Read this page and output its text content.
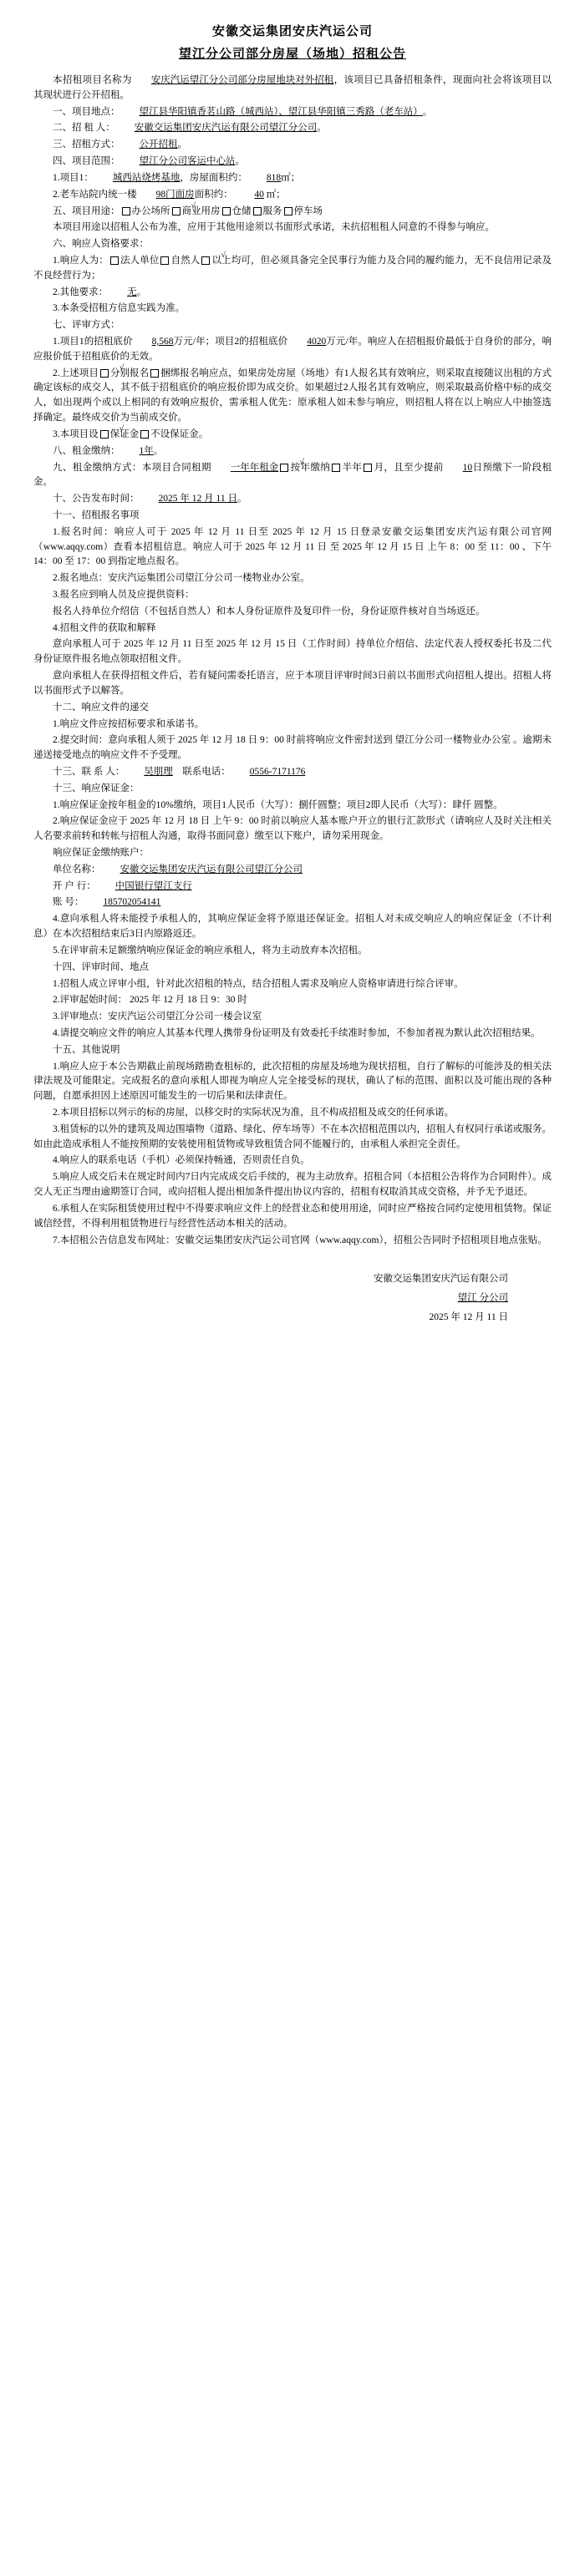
安徽交运集团安庆汽运公司
望江分公司部分房屋（场地）招租公告

本招租项目名称为 安庆汽运望江分公司部分房屋地块对外招租，该项目已具备招租条件，现面向社会将该项目以其现状进行公开招租。

一、项目地点： 望江县华阳镇香茗山路（城西站）、望江县华阳镇三秀路（老车站）。

二、招 租 人： 安徽交运集团安庆汽运有限公司望江分公司。

三、招租方式： 公开招租。

四、项目范围： 望江分公司客运中心站。

1.项目1： 城西站烧烤基地，房屋面积约： 818㎡；

2.老车站院内统一楼 98门面房面积约： 40 ㎡；

五、项目用途： 办公场所 √ 商业用房 仓储 服务 停车场

本项目用途以招租人公布为准，应用于其他用途须以书面形式承诺，未抗招租租人同意的不得参与响应。

六、响应人资格要求：

1.响应人为： 法人单位 自然人 √ 以上均可，但必须具备完全民事行为能力及合同的履约能力，无不良信用记录及不良经营行为；

2.其他要求： 无。

3.本条受招租方信息实践为准。

七、评审方式：

1.项目1的招租底价 8,568万元/年；项目2的招租底价 4020万元/年。响应人在招租报价最低于自身价的部分，响应报价低于招租底价的无效。

2.上述项目 √ 分别报名 捆绑报名响应点，如果房处房屋（场地）有1人报名其有效响应，则采取直接随议出租的方式确定该标的成交人，其不低于招租底价的响应报价即为成交价。如果超过2人报名其有效响应，则采取最高价格中标的成交人，如出现两个或以上相同的有效响应报价，需承租人优先：原承租人如未参与响应，则招租人将在以上响应人中抽签选择确定。最终成交价为当前成交价。

3.本项目设 √ 保证金 不设保证金。

八、租金缴纳： 1年。

九、租金缴纳方式：本项目合同租期 一年年租金 √ 按年缴纳 半年 月，且至少提前 10日预缴下一阶段租金。

十、公告发布时间： 2025 年 12 月 11 日。

十一、招租报名事项

1.报名时间：响应人可于 2025 年 12 月 11 日至 2025 年 12 月 15 日登录安徽交运集团安庆汽运有限公司官网（www.aqqy.com）查看本招租信息。响应人可于 2025 年 12 月 11 日 至 2025 年 12 月 15 日 上午 8：00 至 11：00 、下午 14：00 至 17：00 到指定地点报名。

2.报名地点：安庆汽运集团公司望江分公司一楼物业办公室。

3.报名应到响人员及应提供资料：

报名人持单位介绍信（不包括自然人）和本人身份证原件及复印件一份，身份证原件核对自当场返还。

4.招租文件的获取和解释

意向承租人可于 2025 年 12 月 11 日至 2025 年 12 月 15 日（工作时间）持单位介绍信、法定代表人授权委托书及二代身份证原件报名地点领取招租文件。

意向承租人在获得招租文件后，若有疑问需委托语言，应于本项目评审时间3日前以书面形式向招租人提出。招租人将以书面形式予以解答。

十二、响应文件的递交

1.响应文件应按招标要求和承诺书。

2.提交时间：意向承租人须于 2025 年 12 月 18 日 9：00 时前将响应文件密封送到 望江分公司一楼物业办公室 。逾期未递送接受地点的响应文件不予受理。

十三、联 系 人： 吴朋理 联系电话： 0556-7171176

十三、响应保证金：

1.响应保证金按年租金的10%缴纳，项目1人民币（大写）：捌仟圆整；项目2即人民币（大写）：肆仟 圆整。

2.响应保证金应于 2025 年 12 月 18 日 上午 9：00 时前以响应人基本账户开立的银行汇款形式（请响应人及时关注相关人名要求前转和转帐与招租人沟通，取得书面同意）缴至以下账户，请勿采用现金。

响应保证金缴纳账户：

单位名称： 安徽交运集团安庆汽运有限公司望江分公司

开 户 行： 中国银行望江支行

账 号： 185702054141

4.意向承租人将未能授予承租人的，其响应保证金将予原退还保证金。招租人对未成交响应人的响应保证金（不计利息）在本次招租结束后3日内原路返还。

5.在评审前未足额缴纳响应保证金的响应承租人，将为主动放弃本次招租。

十四、评审时间、地点

1.招租人成立评审小组，针对此次招租的特点，结合招租人需求及响应人资格审请进行综合评审。

2.评审起始时间： 2025 年 12 月 18 日 9：30 时

3.评审地点：安庆汽运公司望江分公司一楼会议室

4.请提交响应文件的响应人其基本代理人携带身份证明及有效委托手续准时参加，不参加者视为默认此次招租结果。

十五、其他说明

1.响应人应于本公告期截止前现场踏勘查租标的，此次招租的房屋及场地为现状招租，自行了解标的可能涉及的相关法律法规及可能限定。完成报名的意向承租人即视为响应人完全接受标的现状，确认了标的范围、面积以及可能出现的各种问题，自愿承担因上述原因可能发生的一切后果和法律责任。

2.本项目招标以列示的标的房屋，以移交时的实际状况为准，且不构成招租及成交的任何承诺。

3.租赁标的以外的建筑及周边围墙物（道路、绿化、停车场等）不在本次招租范围以内，招租人有权同行承诺或服务。如由此造成承租人不能按预期的安装使用租赁物或导致租赁合同不能履行的，由承租人承担完全责任。

4.响应人的联系电话（手机）必须保持畅通，否则责任自负。

5.响应人成交后未在规定时间内7日内完成成交后手续的，视为主动放弃。招租合同（本招租公告将作为合同附件）。成交人无正当理由逾期签订合同，或向招租人提出相加条件提出协议内容的，招租有权取消其成交资格，并予无予退还。

6.承租人在实际租赁使用过程中不得要求响应文件上的经营业态和使用用途，同时应严格按合同约定使用租赁物。保证诚信经营，不得利用租赁物进行与经营性活动本相关的活动。

7.本招租公告信息发布网址：安徽交运集团安庆汽运公司官网（www.aqqy.com），招租公告同时予招租项目地点张贴。

安徽交运集团安庆汽运有限公司
望江 分公司
2025 年 12 月 11 日
